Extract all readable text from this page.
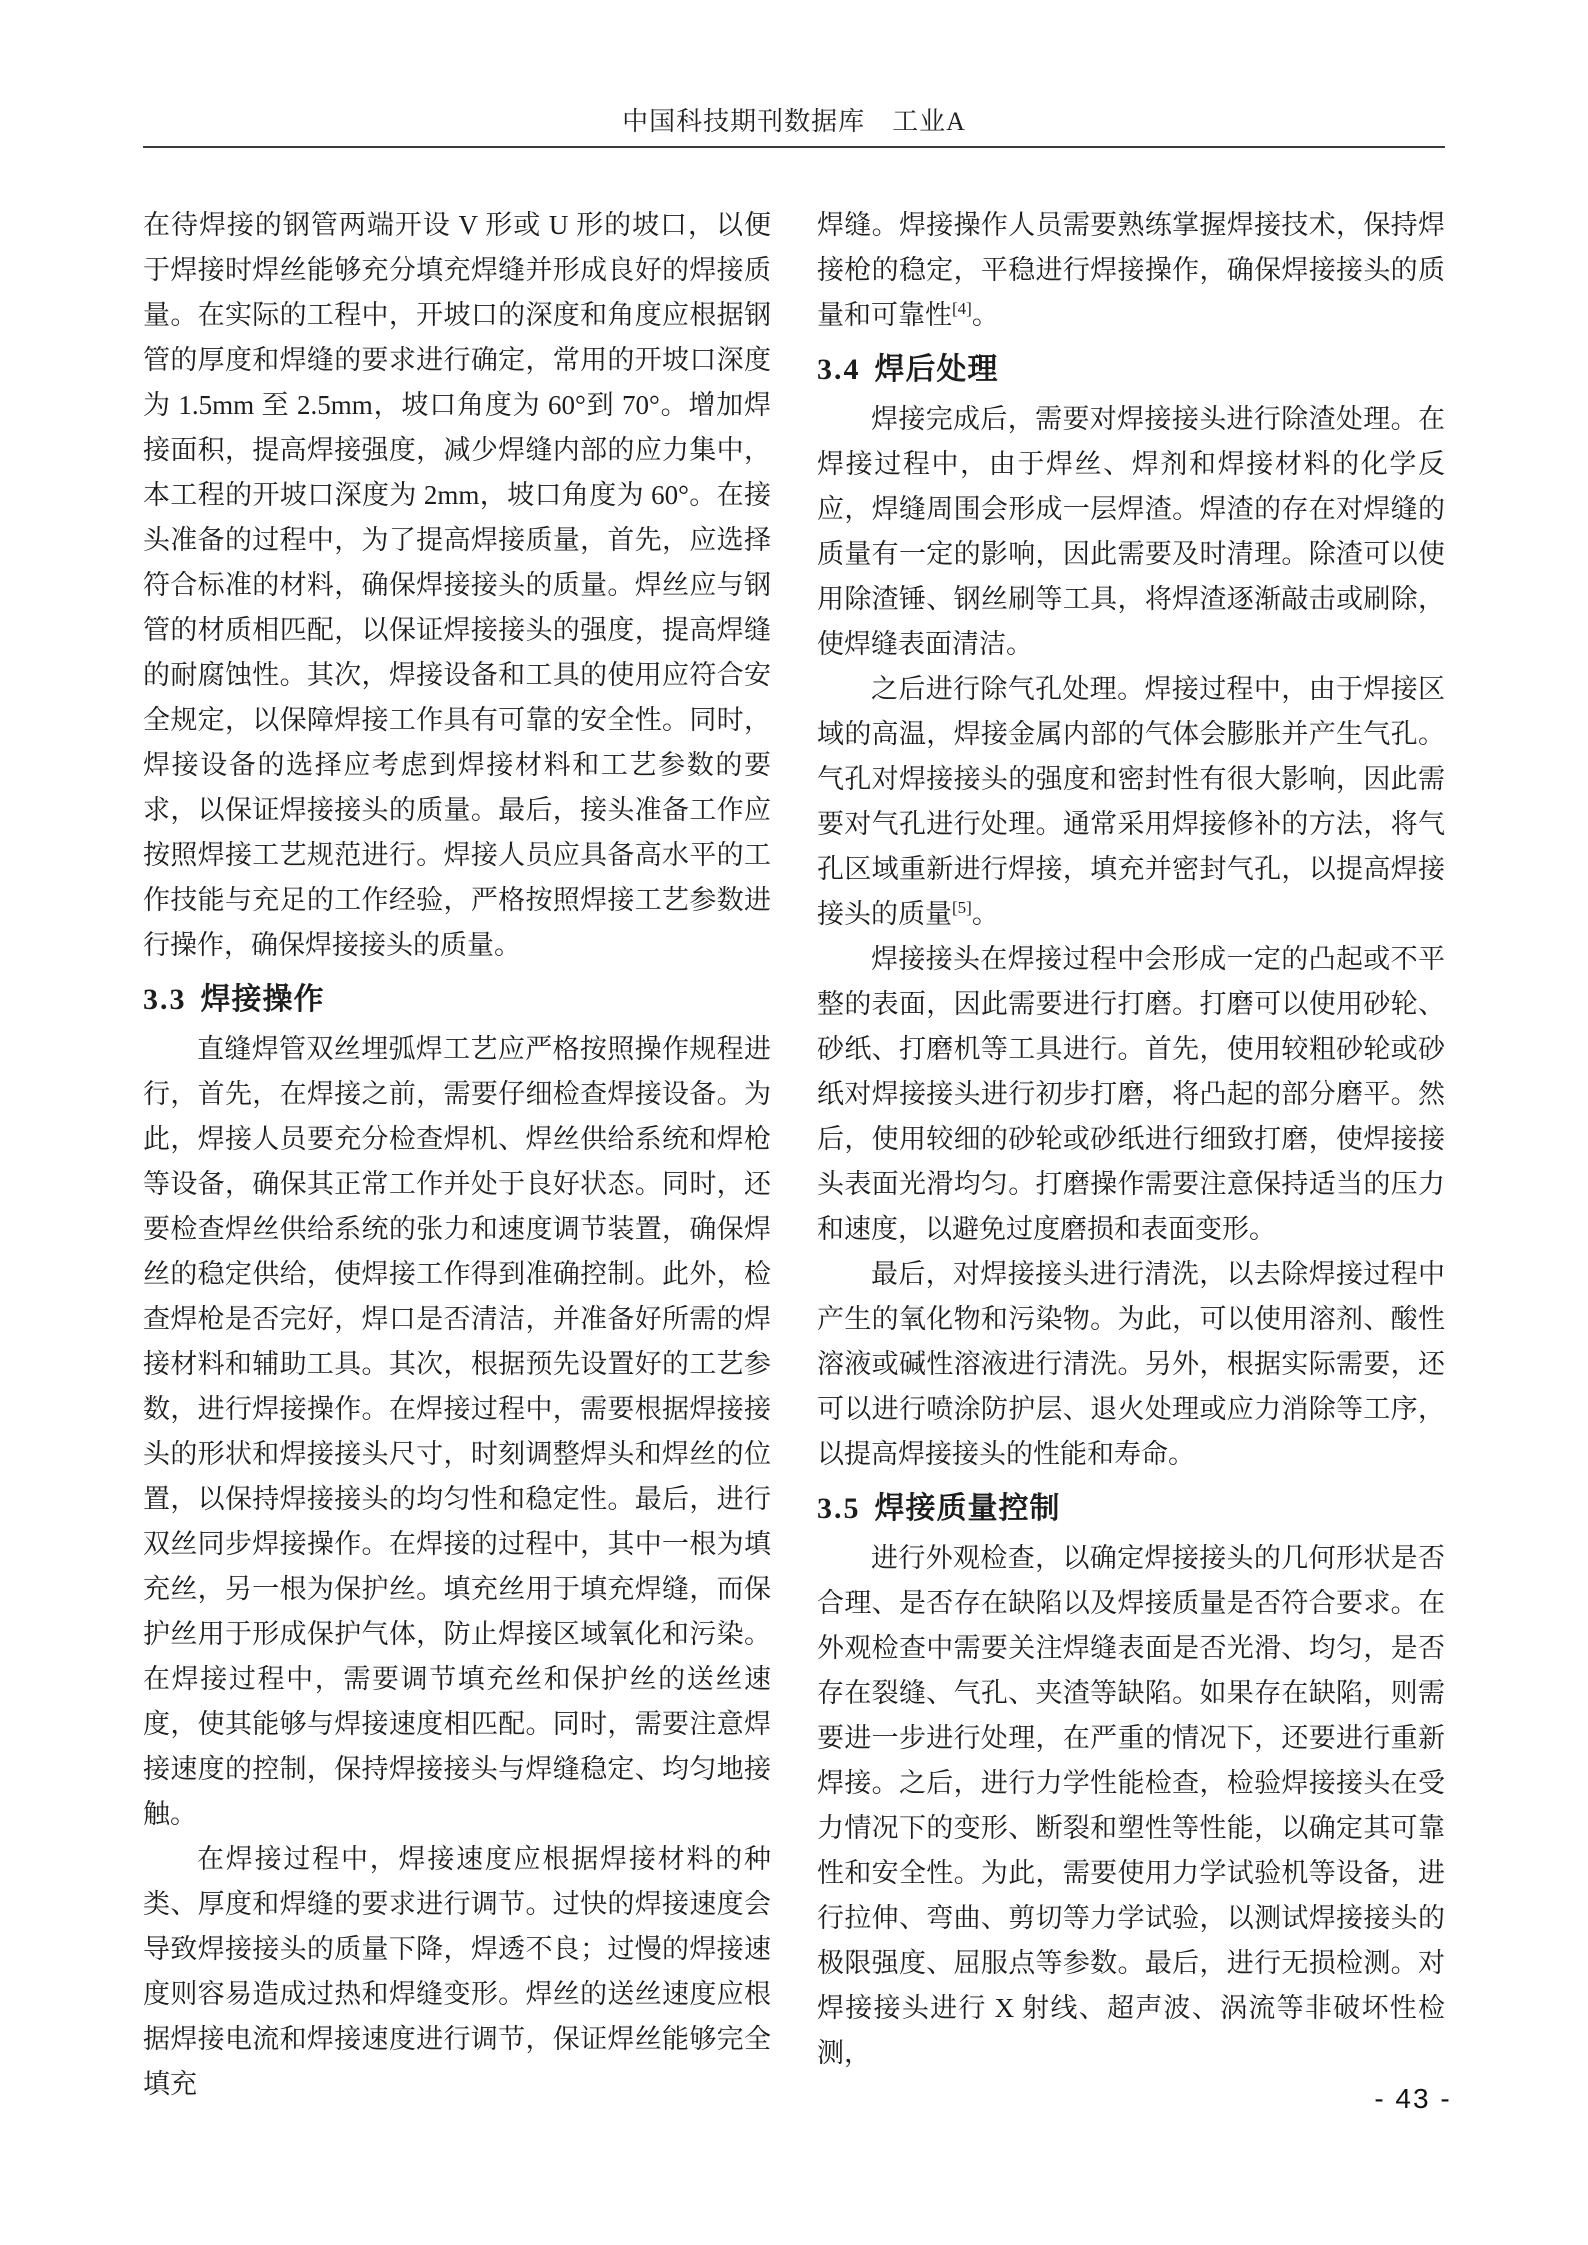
中国科技期刊数据库　工业A

在待焊接的钢管两端开设 V 形或 U 形的坡口，以便于焊接时焊丝能够充分填充焊缝并形成良好的焊接质量。在实际的工程中，开坡口的深度和角度应根据钢管的厚度和焊缝的要求进行确定，常用的开坡口深度为 1.5mm 至 2.5mm，坡口角度为 60°到 70°。增加焊接面积，提高焊接强度，减少焊缝内部的应力集中，本工程的开坡口深度为 2mm，坡口角度为 60°。在接头准备的过程中，为了提高焊接质量，首先，应选择符合标准的材料，确保焊接接头的质量。焊丝应与钢管的材质相匹配，以保证焊接接头的强度，提高焊缝的耐腐蚀性。其次，焊接设备和工具的使用应符合安全规定，以保障焊接工作具有可靠的安全性。同时，焊接设备的选择应考虑到焊接材料和工艺参数的要求，以保证焊接接头的质量。最后，接头准备工作应按照焊接工艺规范进行。焊接人员应具备高水平的工作技能与充足的工作经验，严格按照焊接工艺参数进行操作，确保焊接接头的质量。

3.3 焊接操作

直缝焊管双丝埋弧焊工艺应严格按照操作规程进行，首先，在焊接之前，需要仔细检查焊接设备。为此，焊接人员要充分检查焊机、焊丝供给系统和焊枪等设备，确保其正常工作并处于良好状态。同时，还要检查焊丝供给系统的张力和速度调节装置，确保焊丝的稳定供给，使焊接工作得到准确控制。此外，检查焊枪是否完好，焊口是否清洁，并准备好所需的焊接材料和辅助工具。其次，根据预先设置好的工艺参数，进行焊接操作。在焊接过程中，需要根据焊接接头的形状和焊接接头尺寸，时刻调整焊头和焊丝的位置，以保持焊接接头的均匀性和稳定性。最后，进行双丝同步焊接操作。在焊接的过程中，其中一根为填充丝，另一根为保护丝。填充丝用于填充焊缝，而保护丝用于形成保护气体，防止焊接区域氧化和污染。在焊接过程中，需要调节填充丝和保护丝的送丝速度，使其能够与焊接速度相匹配。同时，需要注意焊接速度的控制，保持焊接接头与焊缝稳定、均匀地接触。

在焊接过程中，焊接速度应根据焊接材料的种类、厚度和焊缝的要求进行调节。过快的焊接速度会导致焊接接头的质量下降，焊透不良；过慢的焊接速度则容易造成过热和焊缝变形。焊丝的送丝速度应根据焊接电流和焊接速度进行调节，保证焊丝能够完全填充

焊缝。焊接操作人员需要熟练掌握焊接技术，保持焊接枪的稳定，平稳进行焊接操作，确保焊接接头的质量和可靠性[4]。

3.4 焊后处理

焊接完成后，需要对焊接接头进行除渣处理。在焊接过程中，由于焊丝、焊剂和焊接材料的化学反应，焊缝周围会形成一层焊渣。焊渣的存在对焊缝的质量有一定的影响，因此需要及时清理。除渣可以使用除渣锤、钢丝刷等工具，将焊渣逐渐敲击或刷除，使焊缝表面清洁。

之后进行除气孔处理。焊接过程中，由于焊接区域的高温，焊接金属内部的气体会膨胀并产生气孔。气孔对焊接接头的强度和密封性有很大影响，因此需要对气孔进行处理。通常采用焊接修补的方法，将气孔区域重新进行焊接，填充并密封气孔，以提高焊接接头的质量[5]。

焊接接头在焊接过程中会形成一定的凸起或不平整的表面，因此需要进行打磨。打磨可以使用砂轮、砂纸、打磨机等工具进行。首先，使用较粗砂轮或砂纸对焊接接头进行初步打磨，将凸起的部分磨平。然后，使用较细的砂轮或砂纸进行细致打磨，使焊接接头表面光滑均匀。打磨操作需要注意保持适当的压力和速度，以避免过度磨损和表面变形。

最后，对焊接接头进行清洗，以去除焊接过程中产生的氧化物和污染物。为此，可以使用溶剂、酸性溶液或碱性溶液进行清洗。另外，根据实际需要，还可以进行喷涂防护层、退火处理或应力消除等工序，以提高焊接接头的性能和寿命。

3.5 焊接质量控制

进行外观检查，以确定焊接接头的几何形状是否合理、是否存在缺陷以及焊接质量是否符合要求。在外观检查中需要关注焊缝表面是否光滑、均匀，是否存在裂缝、气孔、夹渣等缺陷。如果存在缺陷，则需要进一步进行处理，在严重的情况下，还要进行重新焊接。之后，进行力学性能检查，检验焊接接头在受力情况下的变形、断裂和塑性等性能，以确定其可靠性和安全性。为此，需要使用力学试验机等设备，进行拉伸、弯曲、剪切等力学试验，以测试焊接接头的极限强度、屈服点等参数。最后，进行无损检测。对焊接接头进行 X 射线、超声波、涡流等非破坏性检测，

- 43 -
